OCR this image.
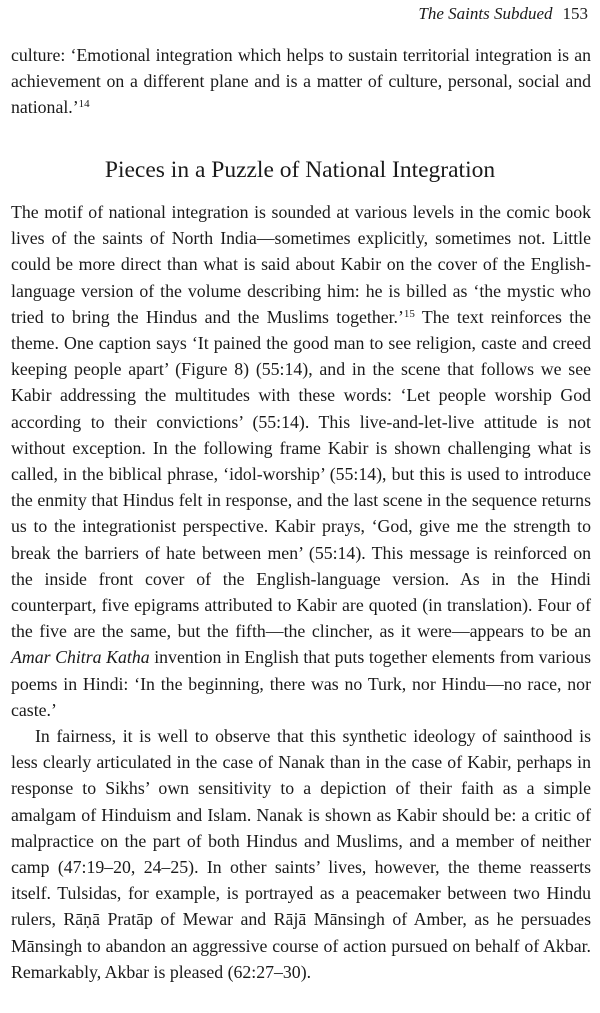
The Saints Subdued 153
culture: ‘Emotional integration which helps to sustain territorial integration is an achievement on a different plane and is a matter of culture, personal, social and national.’$^{14}$
Pieces in a Puzzle of National Integration

The motif of national integration is sounded at various levels in the comic book lives of the saints of North India—sometimes explicitly, sometimes not. Little could be more direct than what is said about Kabir on the cover of the English-language version of the volume describing him: he is billed as ‘the mystic who tried to bring the Hindus and the Muslims together.’$^{15}$ The text reinforces the theme. One caption says ‘It pained the good man to see religion, caste and creed keeping people apart’ (Figure 8) (55:14), and in the scene that follows we see Kabir addressing the multitudes with these words: ‘Let people worship God according to their convictions’ (55:14). This live-and-let-live attitude is not without exception. In the following frame Kabir is shown challenging what is called, in the biblical phrase, ‘idol-worship’ (55:14), but this is used to introduce the enmity that Hindus felt in response, and the last scene in the sequence returns us to the integrationist perspective. Kabir prays, ‘God, give me the strength to break the barriers of hate between men’ (55:14). This message is reinforced on the inside front cover of the English-language version. As in the Hindi counterpart, five epigrams attributed to Kabir are quoted (in translation). Four of the five are the same, but the fifth—the clincher, as it were—appears to be an Amar Chitra Katha invention in English that puts together elements from various poems in Hindi: ‘In the beginning, there was no Turk, nor Hindu—no race, nor caste.’

In fairness, it is well to observe that this synthetic ideology of sainthood is less clearly articulated in the case of Nanak than in the case of Kabir, perhaps in response to Sikhs’ own sensitivity to a depiction of their faith as a simple amalgam of Hinduism and Islam. Nanak is shown as Kabir should be: a critic of malpractice on the part of both Hindus and Muslims, and a member of neither camp (47:19–20, 24–25). In other saints’ lives, however, the theme reasserts itself. Tulsidas, for example, is portrayed as a peacemaker between two Hindu rulers, Rāṇā Pratāp of Mewar and Rājā Mānsingh of Amber, as he persuades Mānsingh to abandon an aggressive course of action pursued on behalf of Akbar. Remarkably, Akbar is pleased (62:27–30).
